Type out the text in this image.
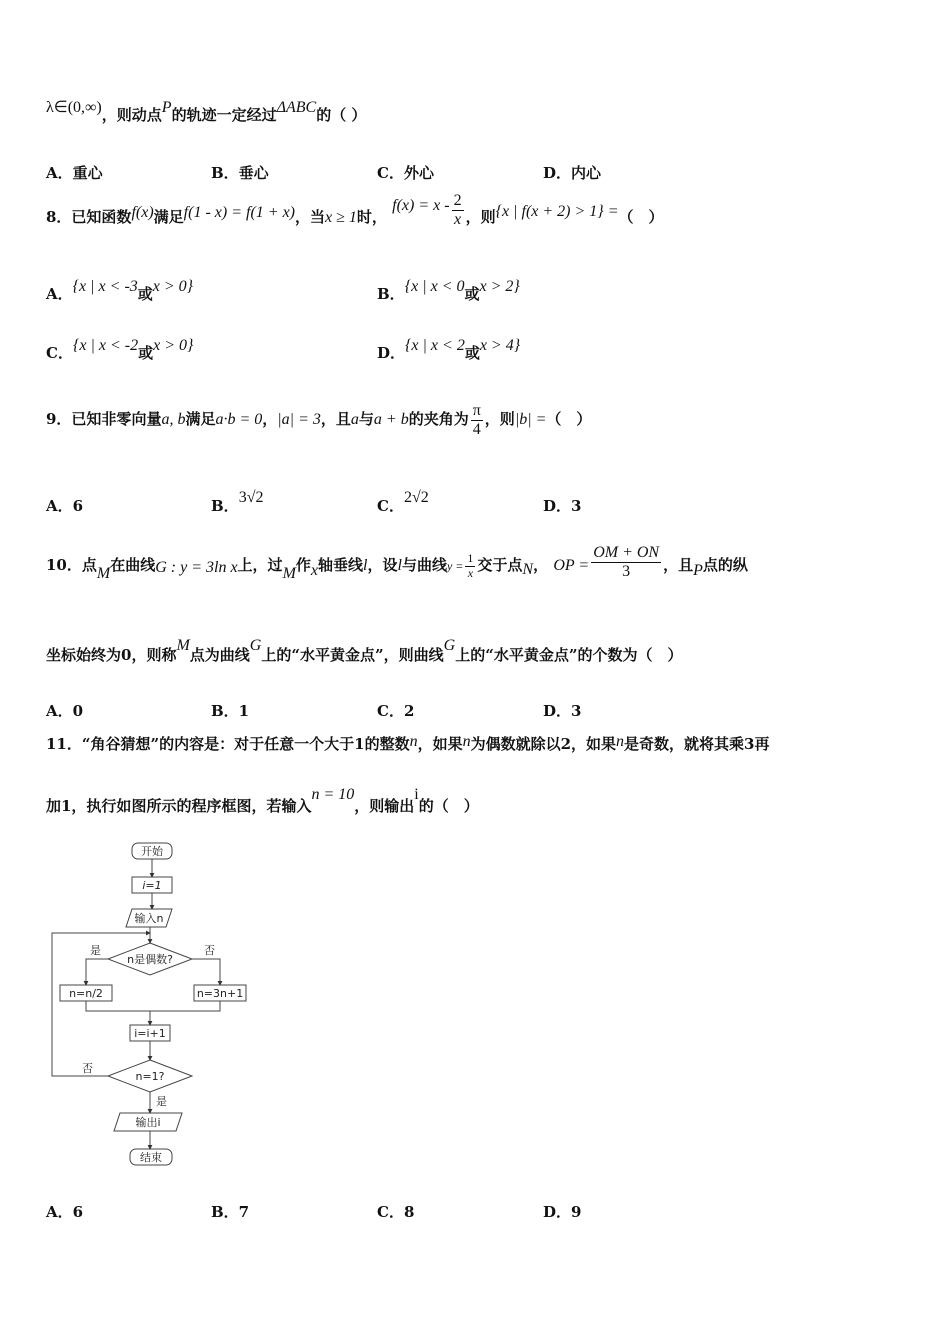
λ∈(0,∞)，则动点P的轨迹一定经过ΔABC的（ ）
A．重心	B．垂心	C．外心	D．内心
8．已知函数f(x)满足f(1 - x) = f(1 + x)，当x ≥ 1时， $f(x) = x - \frac{2}{x}$ ，则{x | f(x + 2) > 1} =（　）
A．{x | x < -3或x > 0}	B．{x | x < 0或x > 2}
C．{x | x < -2或x > 0}	D．{x | x < 2或x > 4}
9．已知非零向量a, b满足a·b = 0，|a| = 3，且a与a + b的夹角为 $\frac{\pi}{4}$ ，则|b| =（　）
A．6	B．3√2	C．2√2	D．3
10．点M在曲线G : y = 3ln x上，过M作x轴垂线l，设l与曲线$y = \frac{1}{x}$ 交于点N， OP = $\frac{OM + ON}{3}$ ，且P点的纵
坐标始终为0，则称M点为曲线G上的“水平黄金点”，则曲线G上的“水平黄金点”的个数为（　）
A．0	B．1	C．2	D．3
11．“角谷猜想”的内容是：对于任意一个大于1的整数n，如果n为偶数就除以2，如果n是奇数，就将其乘3再
加1，执行如图所示的程序框图，若输入n = 10，则输出i的（　）
开始
i=1
输入n
n是偶数?
是	否
n=n/2	n=3n+1
i=i+1
n=1?
否
是
输出i
结束
A．6	B．7	C．8	D．9
